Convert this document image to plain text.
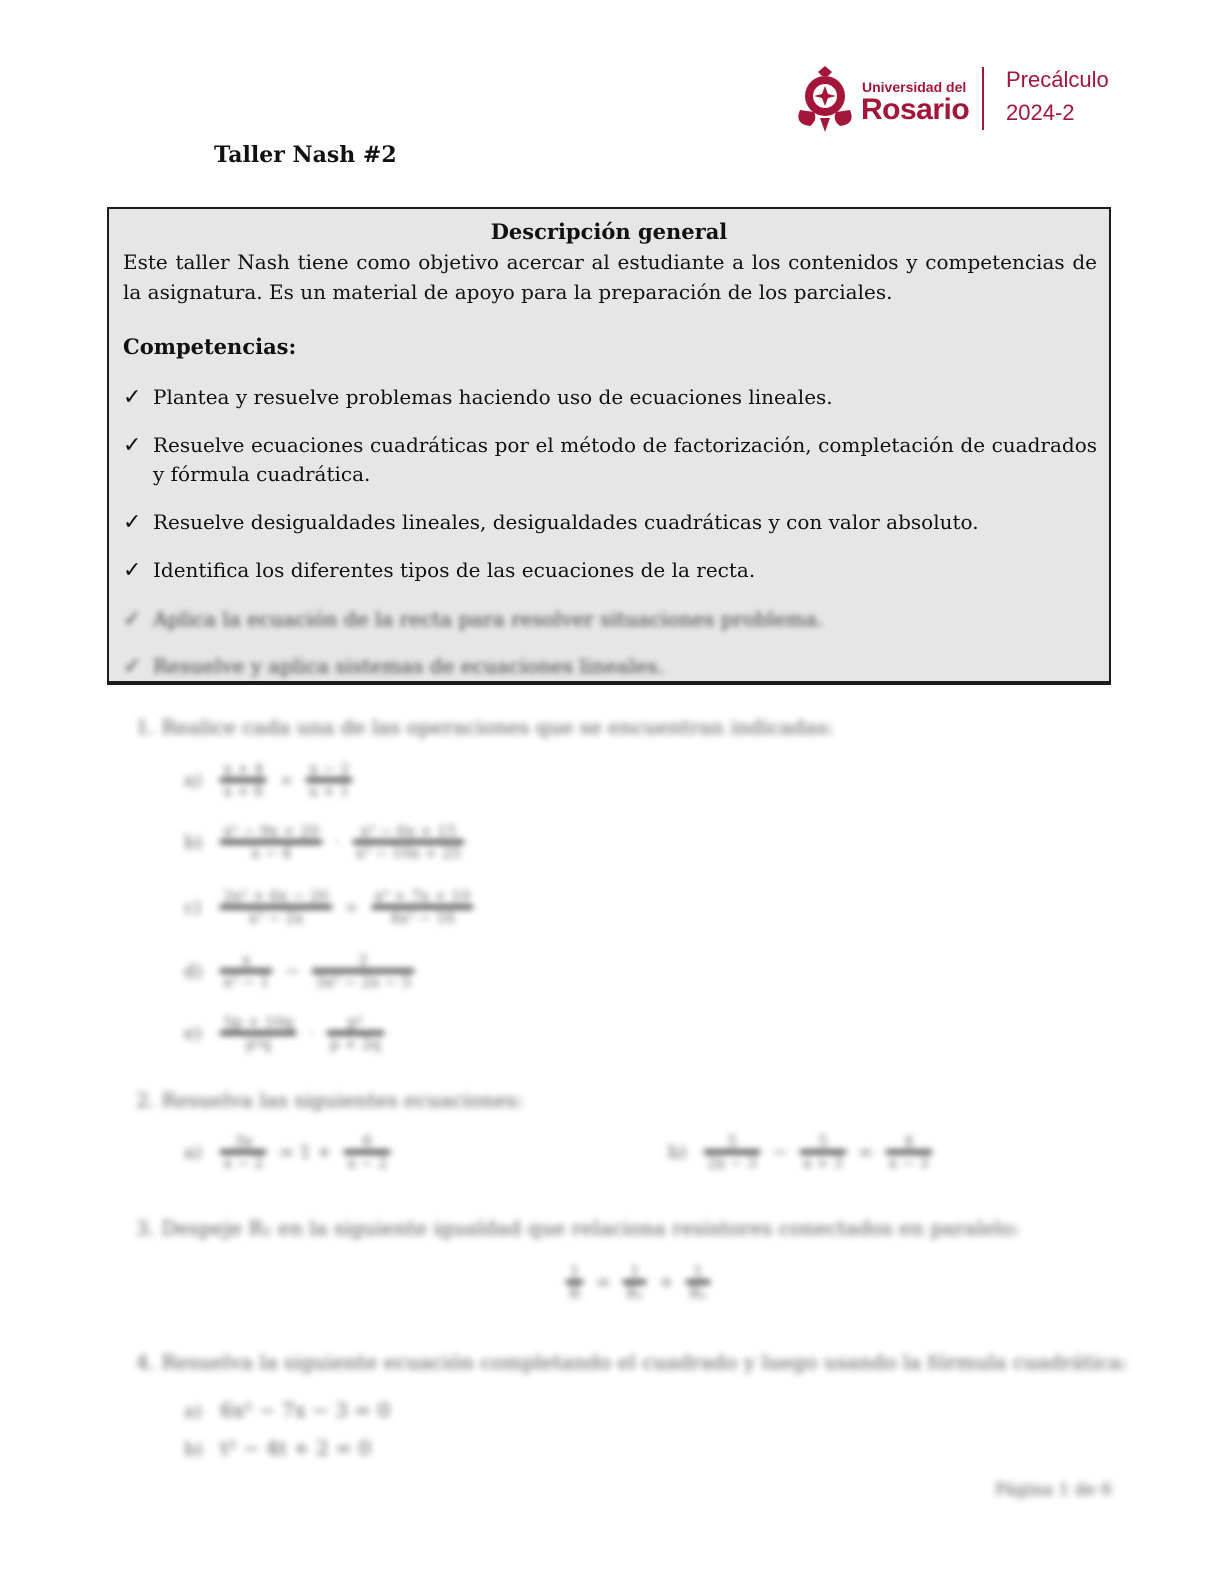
Universidad del
Rosario
Precálculo
2024-2
Taller Nash #2
Descripción general
Este taller Nash tiene como objetivo acercar al estudiante a los contenidos y competencias de la asignatura. Es un material de apoyo para la preparación de los parciales.
Competencias:
✓ Plantea y resuelve problemas haciendo uso de ecuaciones lineales.
✓ Resuelve ecuaciones cuadráticas por el método de factorización, completación de cuadrados y fórmula cuadrática.
✓ Resuelve desigualdades lineales, desigualdades cuadráticas y con valor absoluto.
✓ Identifica los diferentes tipos de las ecuaciones de la recta.
✓ Aplica la ecuación de la recta para resolver situaciones problema.
✓ Resuelve y aplica sistemas de ecuaciones lineales.
1. Realice cada una de las operaciones que se encuentran indicadas:
$a) \frac{x + 4}{x + 6} \div \frac{x - 2}{x + 1}$
$b) \frac{\text{x² − 9x + 20}}{x - 4} \cdot \frac{\text{x² − 6x + 15}}{\text{x² − 10x + 25}}$
$c) \frac{\text{2x² + 6x − 20}}{\text{x² − 2x}} \div \frac{\text{x² + 7x + 10}}{\text{4x² − 16}}$
$d) \frac{x}{\text{x² − 1}} - \frac{2}{\text{3x² − 2x − 5}}$
$e) \frac{5p + 10q}{\text{p²q}} \cdot \frac{\text{p²}}{p + 2q}$
2. Resuelva las siguientes ecuaciones:
$a) \frac{3x}{x - 2} = 1 + \frac{6}{x - 2}$	$b) \frac{5}{2x - 3} - \frac{5}{x + 3} = \frac{4}{x - 3}$
3. Despeje R₁ en la siguiente igualdad que relaciona resistores conectados en paralelo:
$\frac{1}{R} = \frac{1}{\text{R₁}} + \frac{1}{\text{R₂}}$
4. Resuelva la siguiente ecuación completando el cuadrado y luego usando la fórmula cuadrática:
a) 6x² − 7x − 3 = 0
b) t² − 4t + 2 = 0
Página 1 de 6
